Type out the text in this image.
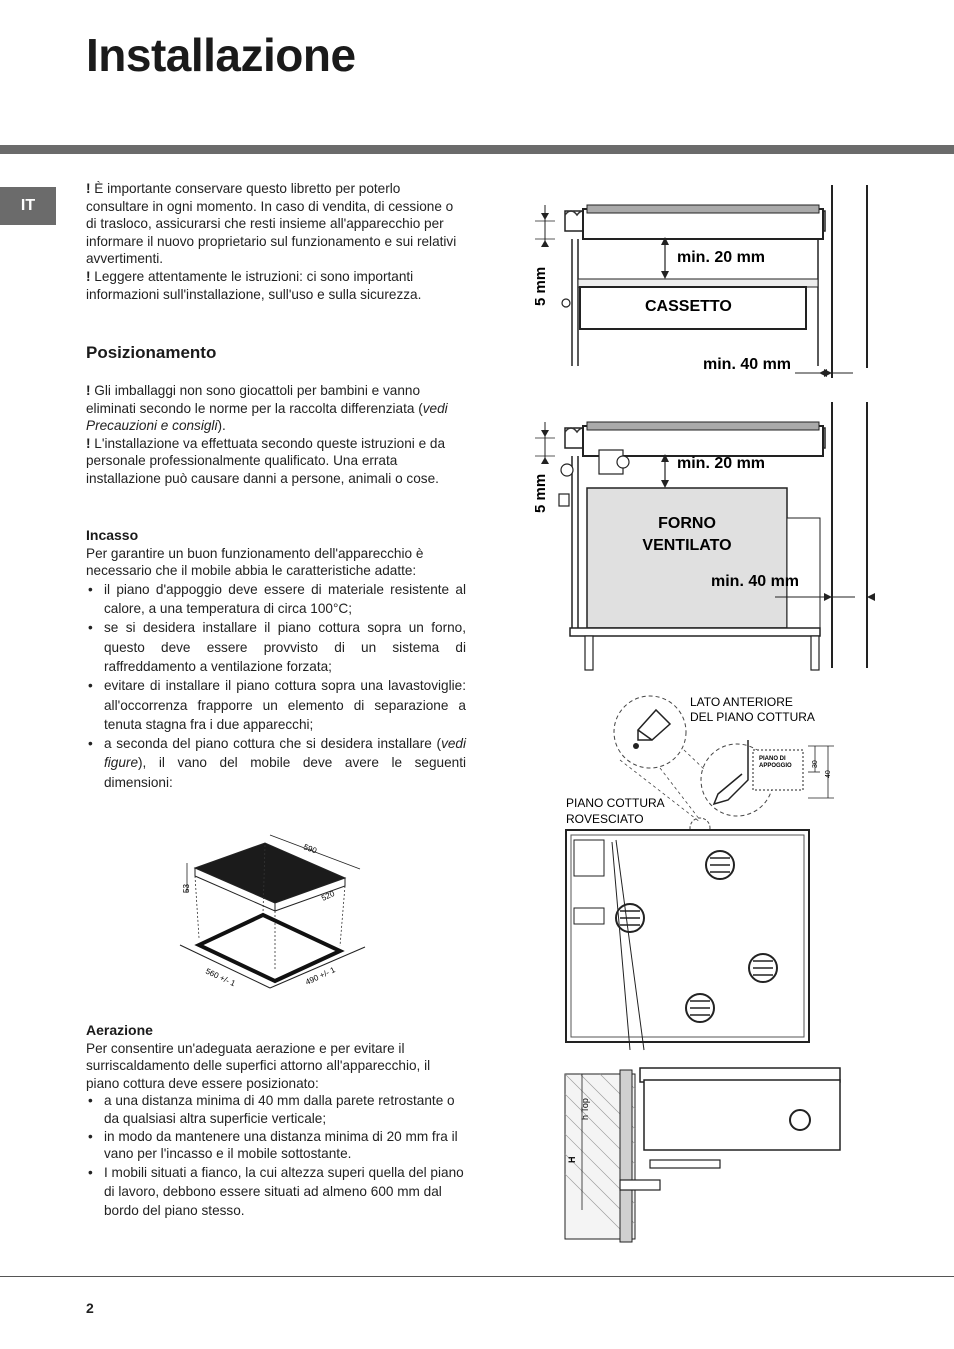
Installazione
IT

! È importante conservare questo libretto per poterlo consultare in ogni momento. In caso di vendita, di cessione o di trasloco, assicurarsi che resti insieme all'apparecchio per informare il nuovo proprietario sul funzionamento e sui relativi avvertimenti.

! Leggere attentamente le istruzioni: ci sono importanti informazioni sull'installazione, sull'uso e sulla sicurezza.

Posizionamento

! Gli imballaggi non sono giocattoli per bambini e vanno eliminati secondo le norme per la raccolta differenziata (vedi Precauzioni e consigli).

! L'installazione va effettuata secondo queste istruzioni e da personale professionalmente qualificato. Una errata installazione può causare danni a persone, animali o cose.

Incasso

Per garantire un buon funzionamento dell'apparecchio è necessario che il mobile abbia le caratteristiche adatte:

• il piano d'appoggio deve essere di materiale resistente al calore, a una temperatura di circa 100°C;
• se si desidera installare il piano cottura sopra un forno, questo deve essere provvisto di un sistema di raffreddamento a ventilazione forzata;
• evitare di installare il piano cottura sopra una lavastoviglie: all'occorrenza frapporre un elemento di separazione a tenuta stagna fra i due apparecchi;
• a seconda del piano cottura che si desidera installare (vedi figure), il vano del mobile deve avere le seguenti dimensioni:
590
520
53
560 +/- 1	490 +/- 1
Aerazione

Per consentire un'adeguata aerazione e per evitare il surriscaldamento delle superfici attorno all'apparecchio, il piano cottura deve essere posizionato:

• a una distanza minima di 40 mm dalla parete retrostante o da qualsiasi altra superficie verticale;
• in modo da mantenere una distanza minima di 20 mm fra il vano per l'incasso e il mobile sottostante.
• I mobili situati a fianco, la cui altezza superi quella del piano di lavoro, debbono essere situati ad almeno 600 mm dal bordo del piano stesso.
min. 20 mm
CASSETTO
min. 40 mm
5 mm
min. 20 mm
FORNO
VENTILATO
min. 40 mm
5 mm
LATO ANTERIORE
DEL PIANO COTTURA
PIANO DI
APPOGGIO	30
40
PIANO COTTURA
ROVESCIATO
h Top
H
2
